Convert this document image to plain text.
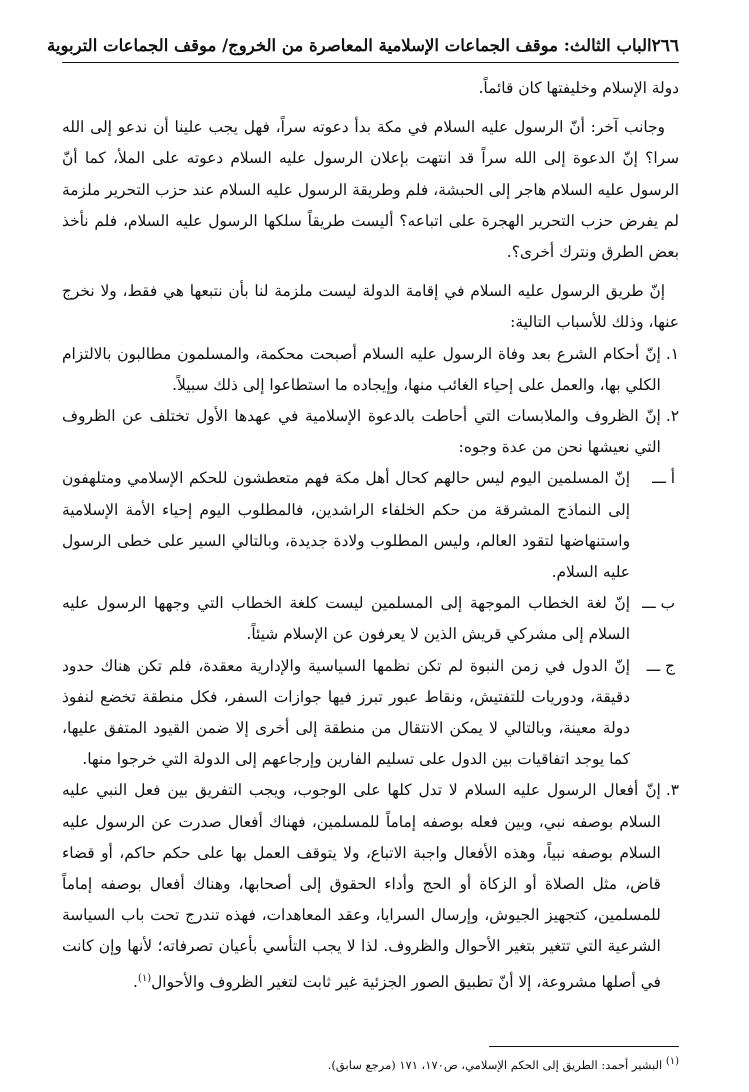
٢٦٦
الباب الثالث: موقف الجماعات الإسلامية المعاصرة من الخروج/ موقف الجماعات التربوية

دولة الإسلام وخليفتها كان قائماً.

وجانب آخر: أنّ الرسول عليه السلام في مكة بدأ دعوته سراً، فهل يجب علينا أن ندعو إلى الله سرا؟ إنّ الدعوة إلى الله سراً قد انتهت بإعلان الرسول عليه السلام دعوته على الملأ، كما أنّ الرسول عليه السلام هاجر إلى الحبشة، فلم وطريقة الرسول عليه السلام عند حزب التحرير ملزمة لم يفرض حزب التحرير الهجرة على اتباعه؟ أليست طريقاً سلكها الرسول عليه السلام، فلم نأخذ بعض الطرق ونترك أخرى؟.

إنّ طريق الرسول عليه السلام في إقامة الدولة ليست ملزمة لنا بأن نتبعها هي فقط، ولا نخرج عنها، وذلك للأسباب التالية:

١.
إنّ أحكام الشرع بعد وفاة الرسول عليه السلام أصبحت محكمة، والمسلمون مطالبون بالالتزام الكلي بها، والعمل على إحياء الغائب منها، وإيجاده ما استطاعوا إلى ذلك سبيلاً.
٢.
إنّ الظروف والملابسات التي أحاطت بالدعوة الإسلامية في عهدها الأول تختلف عن الظروف التي نعيشها نحن من عدة وجوه:
أ ـــ
إنّ المسلمين اليوم ليس حالهم كحال أهل مكة فهم متعطشون للحكم الإسلامي ومتلهفون إلى النماذج المشرقة من حكم الخلفاء الراشدين، فالمطلوب اليوم إحياء الأمة الإسلامية واستنهاضها لتقود العالم، وليس المطلوب ولادة جديدة، وبالتالي السير على خطى الرسول عليه السلام.
ب ـــ
إنّ لغة الخطاب الموجهة إلى المسلمين ليست كلغة الخطاب التي وجهها الرسول عليه السلام إلى مشركي قريش الذين لا يعرفون عن الإسلام شيئاً.
ج ـــ
إنّ الدول في زمن النبوة لم تكن نظمها السياسية والإدارية معقدة، فلم تكن هناك حدود دقيقة، ودوريات للتفتيش، ونقاط عبور تبرز فيها جوازات السفر، فكل منطقة تخضع لنفوذ دولة معينة، وبالتالي لا يمكن الانتقال من منطقة إلى أخرى إلا ضمن القيود المتفق عليها، كما يوجد اتفاقيات بين الدول على تسليم الفارين وإرجاعهم إلى الدولة التي خرجوا منها.
٣.
إنّ أفعال الرسول عليه السلام لا تدل كلها على الوجوب، ويجب التفريق بين فعل النبي عليه السلام بوصفه نبي، وبين فعله بوصفه إماماً للمسلمين، فهناك أفعال صدرت عن الرسول عليه السلام بوصفه نبياً، وهذه الأفعال واجبة الاتباع، ولا يتوقف العمل بها على حكم حاكم، أو قضاء قاض، مثل الصلاة أو الزكاة أو الحج وأداء الحقوق إلى أصحابها، وهناك أفعال بوصفه إماماً للمسلمين، كتجهيز الجيوش، وإرسال السرايا، وعقد المعاهدات، فهذه تندرج تحت باب السياسة الشرعية التي تتغير بتغير الأحوال والظروف. لذا لا يجب التأسي بأعيان تصرفاته؛ لأنها وإن كانت في أصلها مشروعة، إلا أنّ تطبيق الصور الجزئية غير ثابت لتغير الظروف والأحوال$^{(١)}$.
$^{(١)}$ البشير أحمد: الطريق إلى الحكم الإسلامي، ص١٧٠، ١٧١ (مرجع سابق).
